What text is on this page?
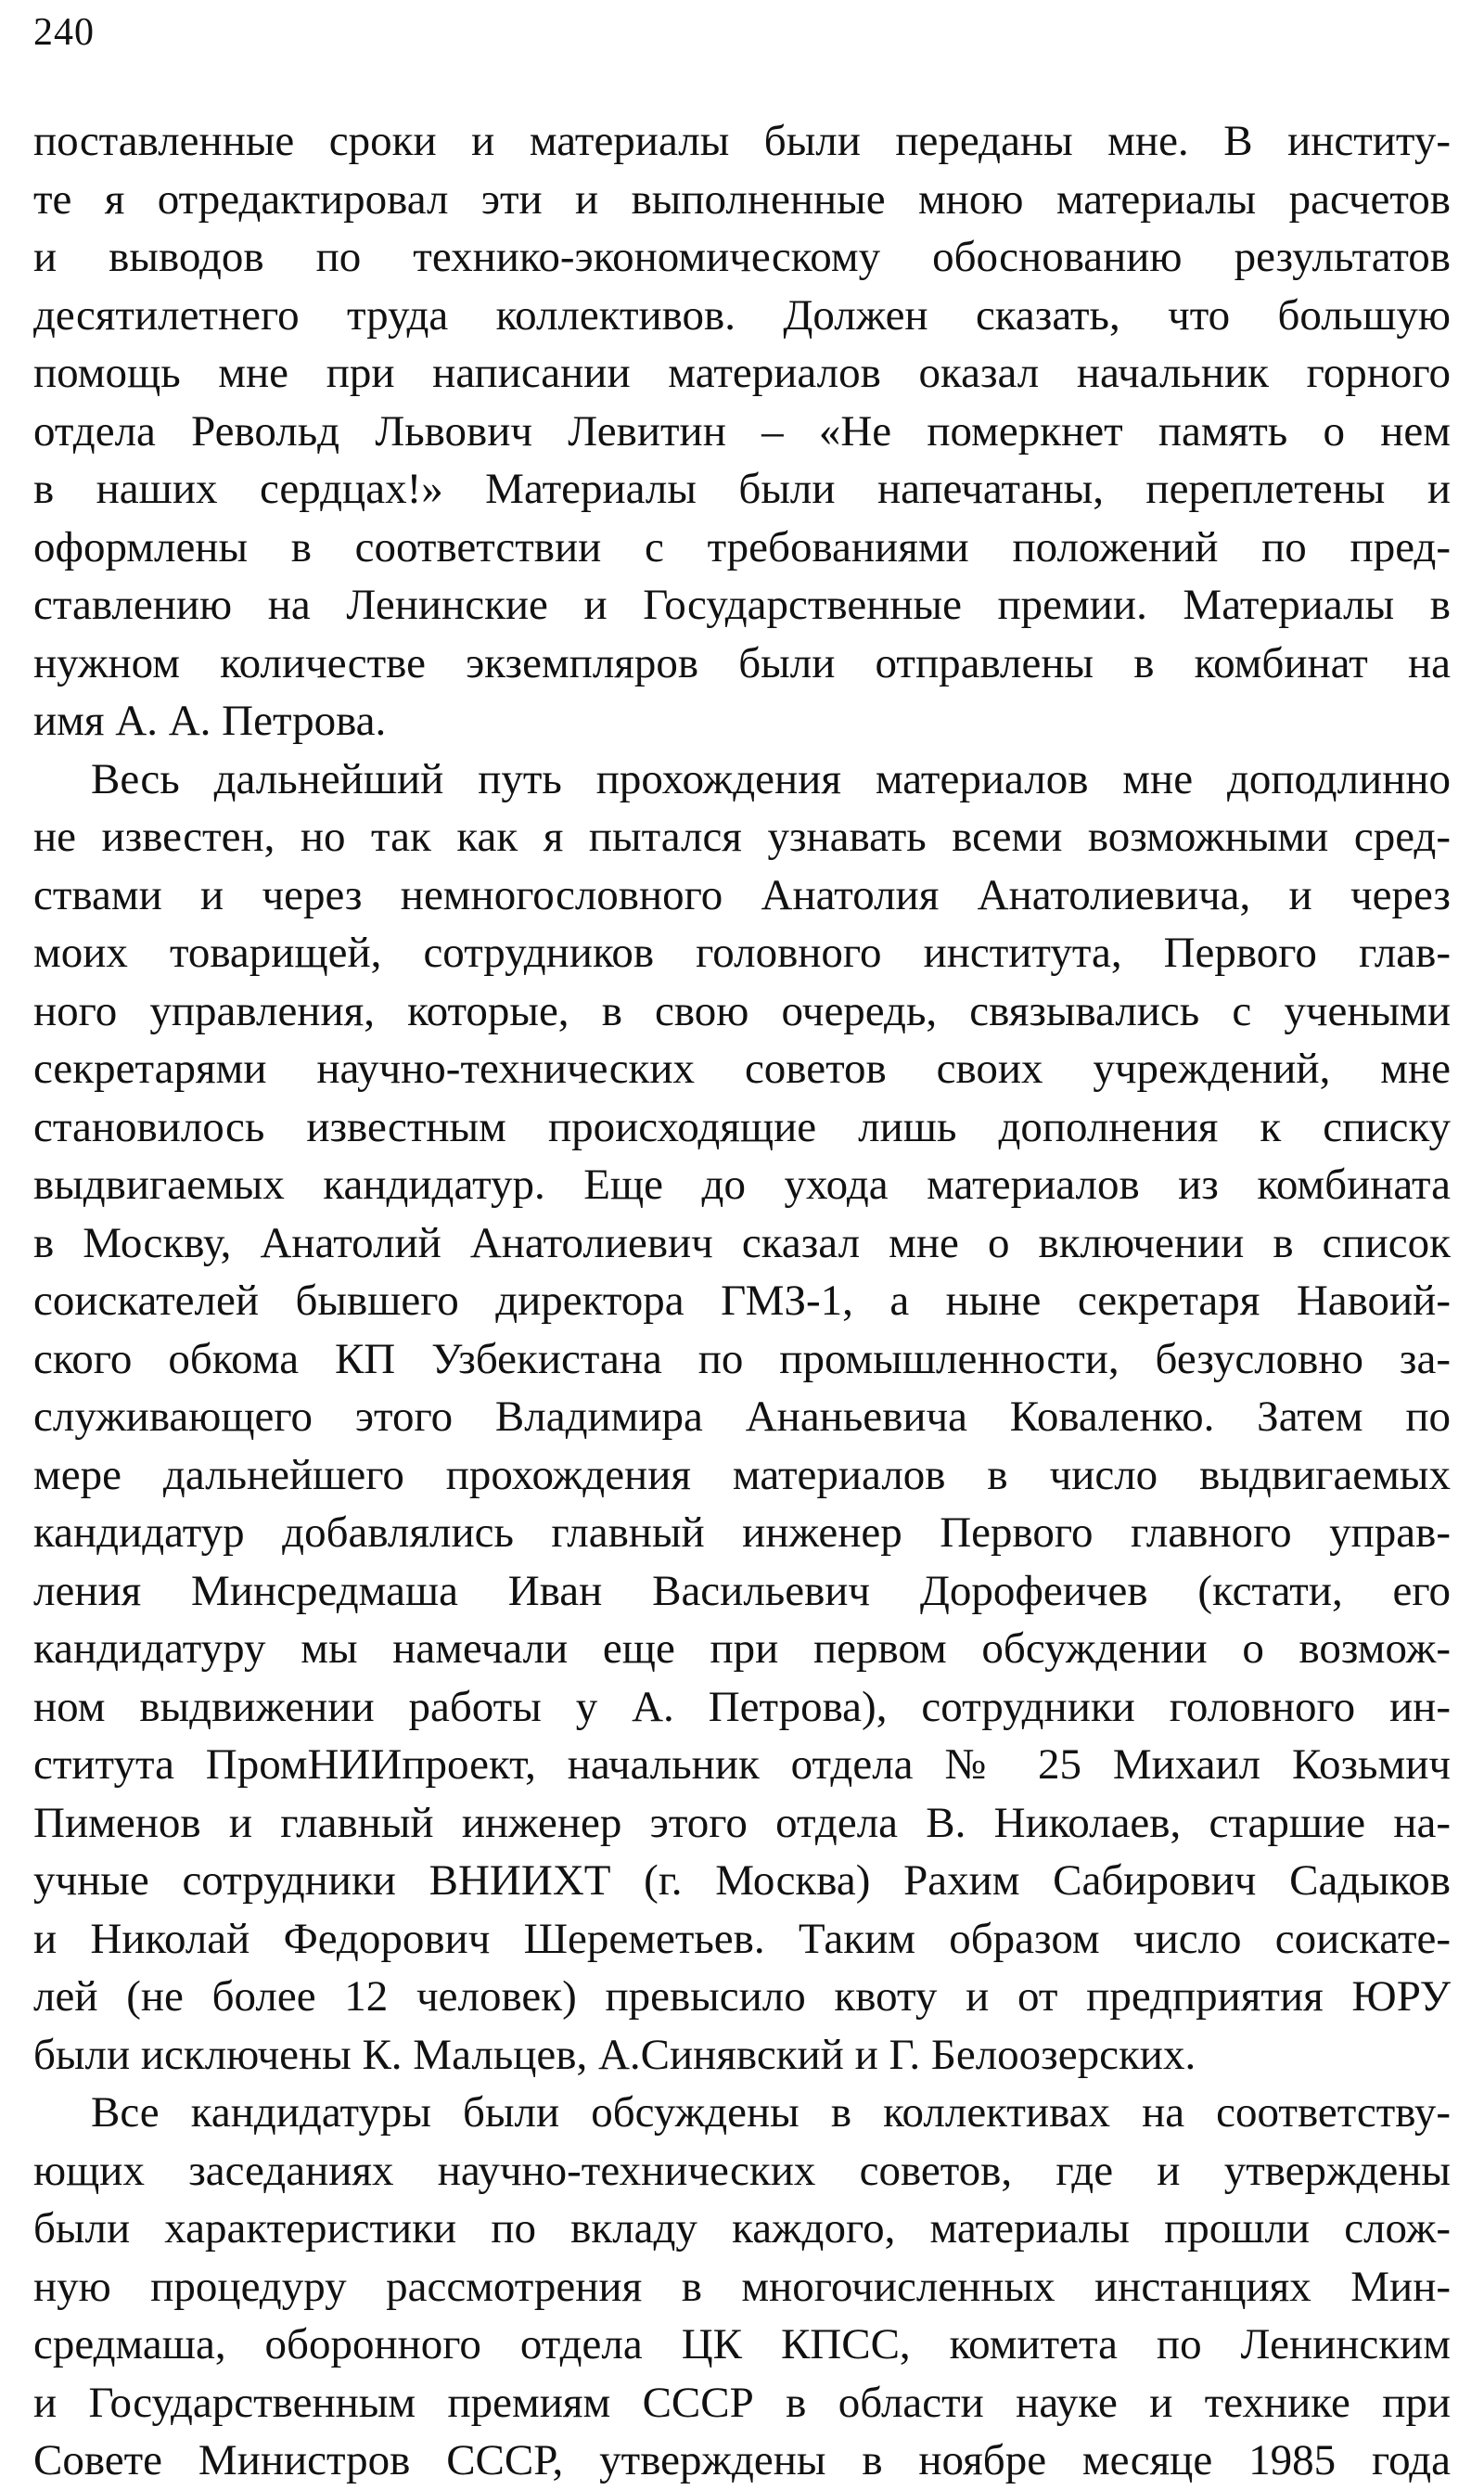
240
поставленные сроки и материалы были переданы мне. В институ-
те я отредактировал эти и выполненные мною материалы расчетов
и выводов по технико-экономическому обоснованию результатов
десятилетнего труда коллективов. Должен сказать, что большую
помощь мне при написании материалов оказал начальник горного
отдела Револьд Львович Левитин – «Не померкнет память о нем
в наших сердцах!» Материалы были напечатаны, переплетены и
оформлены в соответствии с требованиями положений по пред-
ставлению на Ленинские и Государственные премии. Материалы в
нужном количестве экземпляров были отправлены в комбинат на
имя А. А. Петрова.
Весь дальнейший путь прохождения материалов мне доподлинно
не известен, но так как я пытался узнавать всеми возможными сред-
ствами и через немногословного Анатолия Анатолиевича, и через
моих товарищей, сотрудников головного института, Первого глав-
ного управления, которые, в свою очередь, связывались с учеными
секретарями научно-технических советов своих учреждений, мне
становилось известным происходящие лишь дополнения к списку
выдвигаемых кандидатур. Еще до ухода материалов из комбината
в Москву, Анатолий Анатолиевич сказал мне о включении в список
соискателей бывшего директора ГМЗ-1, а ныне секретаря Навоий-
ского обкома КП Узбекистана по промышленности, безусловно за-
служивающего этого Владимира Ананьевича Коваленко. Затем по
мере дальнейшего прохождения материалов в число выдвигаемых
кандидатур добавлялись главный инженер Первого главного управ-
ления Минсредмаша Иван Васильевич Дорофеичев (кстати, его
кандидатуру мы намечали еще при первом обсуждении о возмож-
ном выдвижении работы у А. Петрова), сотрудники головного ин-
ститута ПромНИИпроект, начальник отдела № 25 Михаил Козьмич
Пименов и главный инженер этого отдела В. Николаев, старшие на-
учные сотрудники ВНИИХТ (г. Москва) Рахим Сабирович Садыков
и Николай Федорович Шереметьев. Таким образом число соискате-
лей (не более 12 человек) превысило квоту и от предприятия ЮРУ
были исключены К. Мальцев, А.Синявский и Г. Белоозерских.
Все кандидатуры были обсуждены в коллективах на соответству-
ющих заседаниях научно-технических советов, где и утверждены
были характеристики по вкладу каждого, материалы прошли слож-
ную процедуру рассмотрения в многочисленных инстанциях Мин-
средмаша, оборонного отдела ЦК КПСС, комитета по Ленинским
и Государственным премиям СССР в области науке и технике при
Совете Министров СССР, утверждены в ноябре месяце 1985 года
